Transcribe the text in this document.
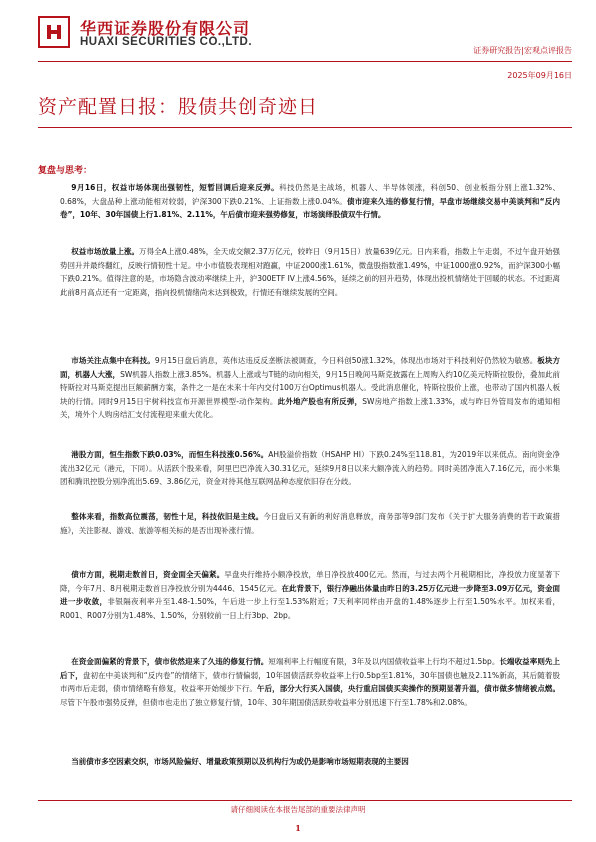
华西证券股份有限公司
HUAXI SECURITIES CO.,LTD.
证券研究报告|宏观点评报告
2025年09月16日
资产配置日报：股债共创奇迹日
复盘与思考：

9月16日，权益市场体现出强韧性，短暂回调后迎来反弹。科技仍然是主战场，机器人、半导体领涨，科创50、创业板指分别上涨1.32%、0.68%，大盘品种上涨动能相对较弱，沪深300下跌0.21%、上证指数上涨0.04%。债市迎来久违的修复行情，早盘市场继续交易中美谈判和“反内卷”，10年、30年国债上行1.81%、2.11%，午后债市迎来强势修复，市场演绎股债双牛行情。

权益市场放量上涨。万得全A上涨0.48%，全天成交额2.37万亿元，较昨日（9月15日）放量639亿元。日内来看，指数上午走弱，不过午盘开始强势回升并最终翻红，反映行情韧性十足。中小市值股表现相对跑赢，中证2000涨1.61%，微盘股指数涨1.49%，中证1000涨0.92%，而沪深300小幅下跌0.21%。值得注意的是，市场隐含波动率继续上升，沪300ETF IV上涨4.56%，延续之前的回升趋势，体现出投机情绪处于回暖的状态。不过距离此前8月高点还有一定距离，指向投机情绪尚未达到极致，行情还有继续发展的空间。

市场关注点集中在科技。9月15日盘后消息，英伟达违反反垄断法被调查，今日科创50涨1.32%，体现出市场对于科技利好仍然较为敏感。板块方面，机器人大涨，SW机器人指数上涨3.85%。机器人上涨或与T链的动向相关，9月15日晚间马斯克披露在上周购入约10亿美元特斯拉股份，叠加此前特斯拉对马斯克提出巨额薪酬方案，条件之一是在未来十年内交付100万台Optimus机器人。受此消息催化，特斯拉股价上涨，也带动了国内机器人板块的行情。同时9月15日宇树科技宣布开源世界模型-动作架构。此外地产股也有所反弹，SW房地产指数上涨1.33%，或与昨日外管局发布的通知相关，境外个人购房结汇支付流程迎来重大优化。

港股方面，恒生指数下跌0.03%，而恒生科技涨0.56%。AH股溢价指数（HSAHP HI）下跌0.24%至118.81，为2019年以来低点。南向资金净流出32亿元（港元，下同）。从活跃个股来看，阿里巴巴净流入30.31亿元，延续9月8日以来大额净流入的趋势。同时美团净流入7.16亿元，而小米集团和腾讯控股分别净流出5.69、3.86亿元，资金对待其他互联网品种态度依旧存在分歧。

整体来看，指数高位震荡，韧性十足，科技依旧是主线。今日盘后又有新的利好消息释放，商务部等9部门发布《关于扩大服务消费的若干政策措施》，关注影视、游戏、旅游等相关标的是否出现补涨行情。

债市方面，税期走数首日，资金面全天偏紧。早盘央行维持小额净投放，单日净投放400亿元。然而，与过去两个月税期相比，净投放力度显著下降，今年7月、8月税期走数首日净投放分别为4446、1545亿元。在此背景下，银行净融出体量由昨日的3.25万亿元进一步降至3.09万亿元，资金面进一步收敛，非银隔夜利率升至1.48-1.50%，午后进一步上行至1.53%附近；7天利率同样由开盘的1.48%逐步上行至1.50%水平。加权来看，R001、R007分别为1.48%、1.50%，分别较前一日上行3bp、2bp。

在资金面偏紧的背景下，债市依然迎来了久违的修复行情。短端利率上行幅度有限，3年及以内国债收益率上行均不超过1.5bp。长端收益率则先上后下，盘初在中美谈判和“反内卷”的情绪下，债市行情偏弱，10年国债活跃券收益率上行0.5bp至1.81%，30年国债也触及2.11%新高，其后随着股市两市后走弱，债市情绪略有修复，收益率开始缓步下行。午后，部分大行买入国债，央行重启国债买卖操作的预期显著升温，债市做多情绪被点燃。尽管下午股市强势反弹，但债市也走出了独立修复行情，10年、30年期国债活跃券收益率分别迅速下行至1.78%和2.08%。

当前债市多空因素交织，市场风险偏好、增量政策预期以及机构行为或仍是影响市场短期表现的主要因

请仔细阅读在本报告尾部的重要法律声明
1
